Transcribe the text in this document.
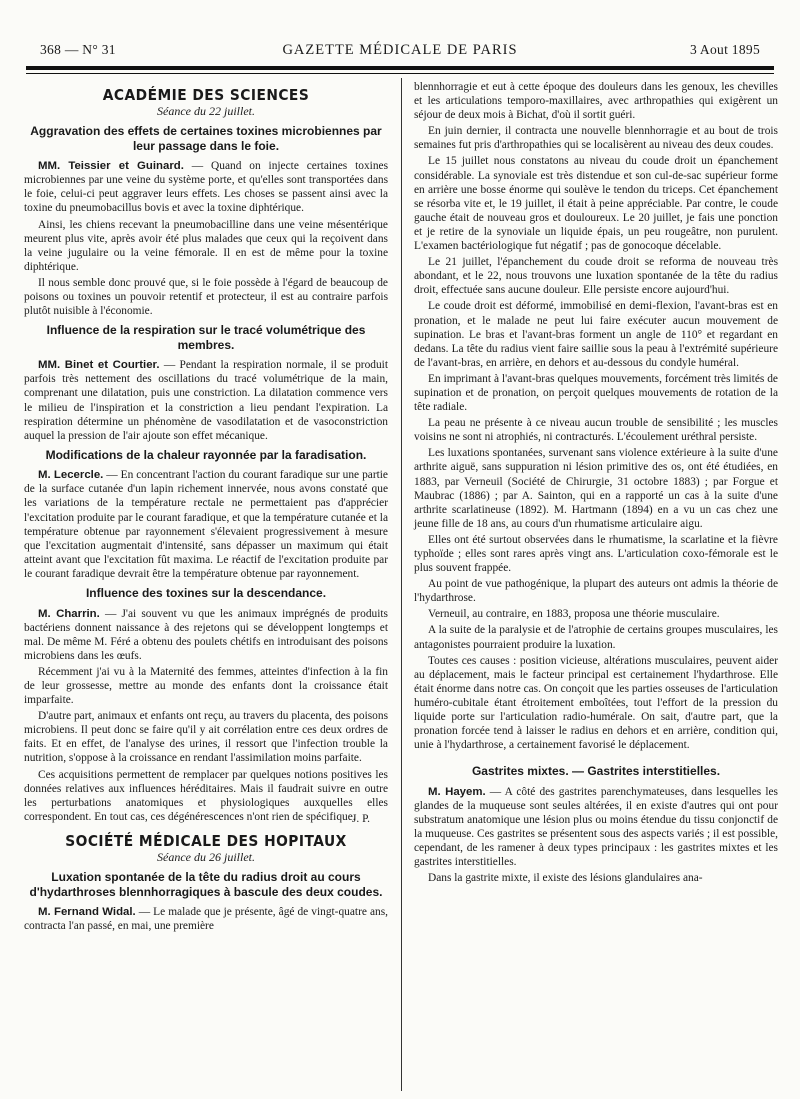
368 — N° 31	GAZETTE MÉDICALE DE PARIS	3 Aout 1895
ACADÉMIE DES SCIENCES
Séance du 22 juillet.
Aggravation des effets de certaines toxines microbiennes par leur passage dans le foie.

MM. Teissier et Guinard. — Quand on injecte certaines toxines microbiennes par une veine du système porte, et qu'elles sont transportées dans le foie, celui-ci peut aggraver leurs effets. Les choses se passent ainsi avec la toxine du pneumobacillus bovis et avec la toxine diphtérique.

Ainsi, les chiens recevant la pneumobacilline dans une veine mésentérique meurent plus vite, après avoir été plus malades que ceux qui la reçoivent dans la veine jugulaire ou la veine fémorale. Il en est de même pour la toxine diphtérique.

Il nous semble donc prouvé que, si le foie possède à l'égard de beaucoup de poisons ou toxines un pouvoir retentif et protecteur, il est au contraire parfois plutôt nuisible à l'économie.

Influence de la respiration sur le tracé volumétrique des membres.

MM. Binet et Courtier. — Pendant la respiration normale, il se produit parfois très nettement des oscillations du tracé volumétrique de la main, comprenant une dilatation, puis une constriction. La dilatation commence vers le milieu de l'inspiration et la constriction a lieu pendant l'expiration. La respiration détermine un phénomène de vasodilatation et de vasoconstriction auquel la pression de l'air ajoute son effet mécanique.

Modifications de la chaleur rayonnée par la faradisation.

M. Lecercle. — En concentrant l'action du courant faradique sur une partie de la surface cutanée d'un lapin richement innervée, nous avons constaté que les variations de la température rectale ne permettaient pas d'apprécier l'excitation produite par le courant faradique, et que la température cutanée et la température obtenue par rayonnement s'élevaient progressivement à mesure que l'excitation augmentait d'intensité, sans dépasser un maximum qui était atteint avant que l'excitation fût maxima. Le réactif de l'excitation produite par le courant faradique devrait être la température obtenue par rayonnement.

Influence des toxines sur la descendance.

M. Charrin. — J'ai souvent vu que les animaux imprégnés de produits bactériens donnent naissance à des rejetons qui se développent longtemps et mal. De même M. Féré a obtenu des poulets chétifs en introduisant des poisons microbiens dans les œufs.

Récemment j'ai vu à la Maternité des femmes, atteintes d'infection à la fin de leur grossesse, mettre au monde des enfants dont la croissance était imparfaite.

D'autre part, animaux et enfants ont reçu, au travers du placenta, des poisons microbiens. Il peut donc se faire qu'il y ait corrélation entre ces deux ordres de faits. Et en effet, de l'analyse des urines, il ressort que l'infection trouble la nutrition, s'oppose à la croissance en rendant l'assimilation moins parfaite.

Ces acquisitions permettent de remplacer par quelques notions positives les données relatives aux influences héréditaires. Mais il faudrait suivre en outre les perturbations anatomiques et physiologiques auxquelles elles correspondent. En tout cas, ces dégénérescences n'ont rien de spécifique.

J. P.
SOCIÉTÉ MÉDICALE DES HOPITAUX
Séance du 26 juillet.
Luxation spontanée de la tête du radius droit au cours d'hydarthroses blennhorragiques à bascule des deux coudes.

M. Fernand Widal. — Le malade que je présente, âgé de vingt-quatre ans, contracta l'an passé, en mai, une première

blennhorragie et eut à cette époque des douleurs dans les genoux, les chevilles et les articulations temporo-maxillaires, avec arthropathies qui exigèrent un séjour de deux mois à Bichat, d'où il sortit guéri.

En juin dernier, il contracta une nouvelle blennhorragie et au bout de trois semaines fut pris d'arthropathies qui se localisèrent au niveau des deux coudes.

Le 15 juillet nous constatons au niveau du coude droit un épanchement considérable. La synoviale est très distendue et son cul-de-sac supérieur forme en arrière une bosse énorme qui soulève le tendon du triceps. Cet épanchement se résorba vite et, le 19 juillet, il était à peine appréciable. Par contre, le coude gauche était de nouveau gros et douloureux. Le 20 juillet, je fais une ponction et je retire de la synoviale un liquide épais, un peu rougeâtre, non purulent. L'examen bactériologique fut négatif ; pas de gonocoque décelable.

Le 21 juillet, l'épanchement du coude droit se reforma de nouveau très abondant, et le 22, nous trouvons une luxation spontanée de la tête du radius droit, effectuée sans aucune douleur. Elle persiste encore aujourd'hui.

Le coude droit est déformé, immobilisé en demi-flexion, l'avant-bras est en pronation, et le malade ne peut lui faire exécuter aucun mouvement de supination. Le bras et l'avant-bras forment un angle de 110° et regardant en dedans. La tête du radius vient faire saillie sous la peau à l'extrémité supérieure de l'avant-bras, en arrière, en dehors et au-dessous du condyle huméral.

En imprimant à l'avant-bras quelques mouvements, forcément très limités de supination et de pronation, on perçoit quelques mouvements de rotation de la tête radiale.

La peau ne présente à ce niveau aucun trouble de sensibilité ; les muscles voisins ne sont ni atrophiés, ni contracturés. L'écoulement uréthral persiste.

Les luxations spontanées, survenant sans violence extérieure à la suite d'une arthrite aiguë, sans suppuration ni lésion primitive des os, ont été étudiées, en 1883, par Verneuil (Société de Chirurgie, 31 octobre 1883) ; par Forgue et Maubrac (1886) ; par A. Sainton, qui en a rapporté un cas à la suite d'une arthrite scarlatineuse (1892). M. Hartmann (1894) en a vu un cas chez une jeune fille de 18 ans, au cours d'un rhumatisme articulaire aigu.

Elles ont été surtout observées dans le rhumatisme, la scarlatine et la fièvre typhoïde ; elles sont rares après vingt ans. L'articulation coxo-fémorale est le plus souvent frappée.

Au point de vue pathogénique, la plupart des auteurs ont admis la théorie de l'hydarthrose.

Verneuil, au contraire, en 1883, proposa une théorie musculaire.

A la suite de la paralysie et de l'atrophie de certains groupes musculaires, les antagonistes pourraient produire la luxation.

Toutes ces causes : position vicieuse, altérations musculaires, peuvent aider au déplacement, mais le facteur principal est certainement l'hydarthrose. Elle était énorme dans notre cas. On conçoit que les parties osseuses de l'articulation huméro-cubitale étant étroitement emboîtées, tout l'effort de la pression du liquide porte sur l'articulation radio-humérale. On sait, d'autre part, que la pronation forcée tend à laisser le radius en dehors et en arrière, condition qui, unie à l'hydarthrose, a certainement favorisé le déplacement.

Gastrites mixtes. — Gastrites interstitielles.

M. Hayem. — A côté des gastrites parenchymateuses, dans lesquelles les glandes de la muqueuse sont seules altérées, il en existe d'autres qui ont pour substratum anatomique une lésion plus ou moins étendue du tissu conjonctif de la muqueuse. Ces gastrites se présentent sous des aspects variés ; il est possible, cependant, de les ramener à deux types principaux : les gastrites mixtes et les gastrites interstitielles.

Dans la gastrite mixte, il existe des lésions glandulaires ana-
